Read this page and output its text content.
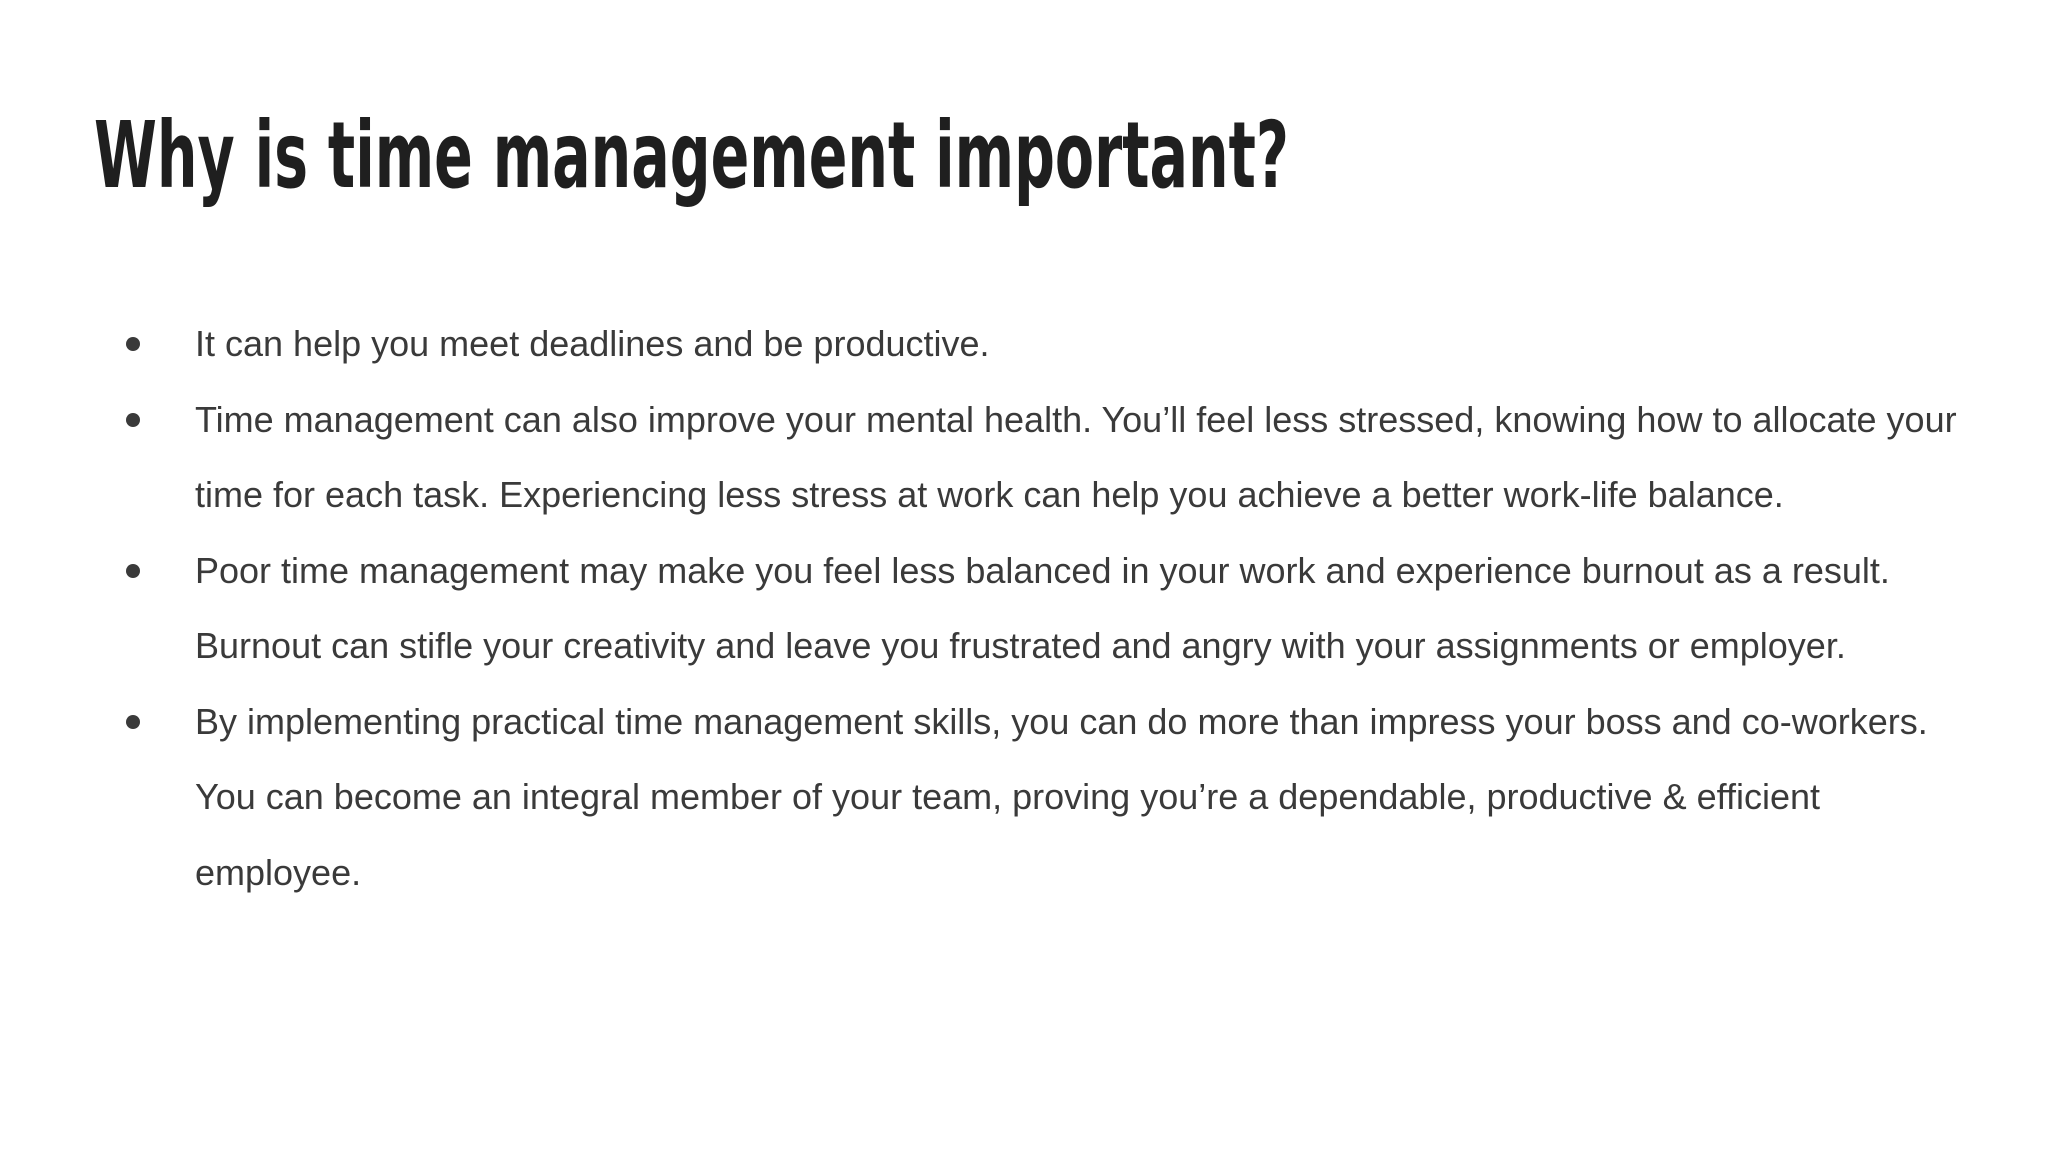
Why is time management important?
It can help you meet deadlines and be productive.
Time management can also improve your mental health. You’ll feel less stressed, knowing how to allocate your time for each task. Experiencing less stress at work can help you achieve a better work-life balance.
Poor time management may make you feel less balanced in your work and experience burnout as a result. Burnout can stifle your creativity and leave you frustrated and angry with your assignments or employer.
By implementing practical time management skills, you can do more than impress your boss and co-workers. You can become an integral member of your team, proving you’re a dependable, productive & efficient employee.
